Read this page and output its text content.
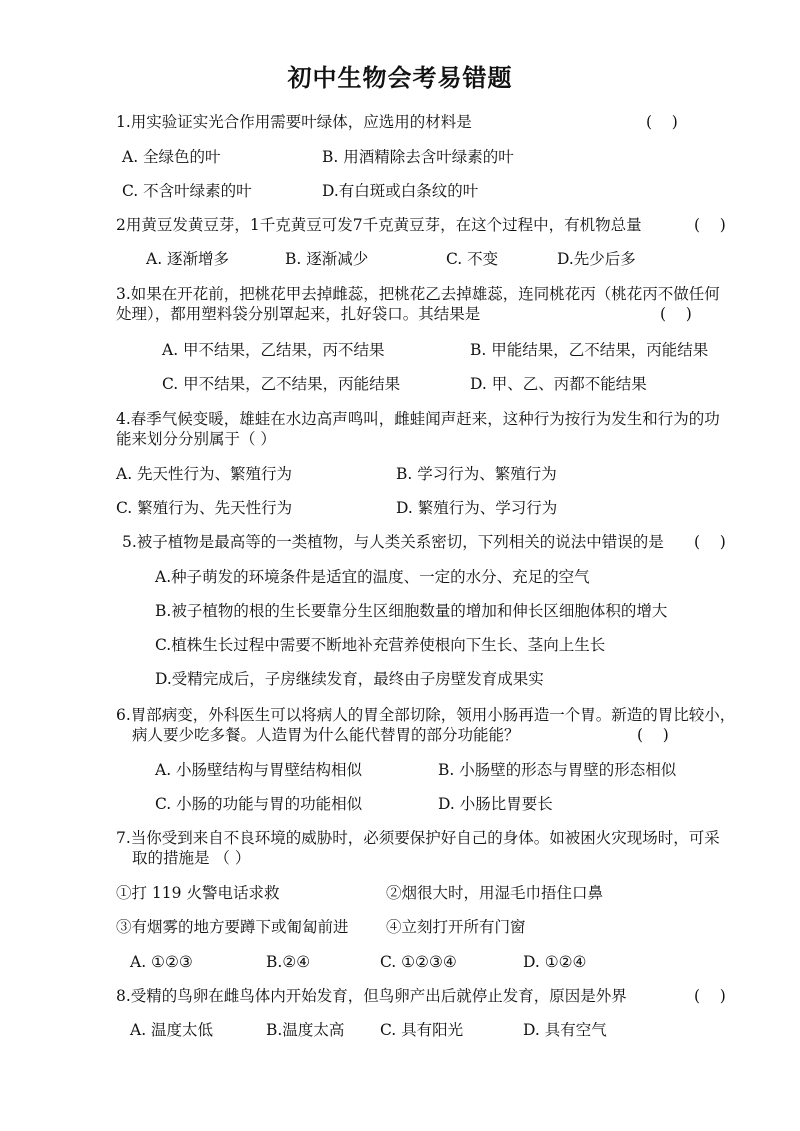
初中生物会考易错题
1.用实验证实光合作用需要叶绿体，应选用的材料是	(    )
A. 全绿色的叶	B. 用酒精除去含叶绿素的叶
C. 不含叶绿素的叶	D.有白斑或白条纹的叶
2用黄豆发黄豆芽，1千克黄豆可发7千克黄豆芽，在这个过程中，有机物总量	(    )
A. 逐渐增多	B. 逐渐减少	C. 不变	D.先少后多
3.如果在开花前，把桃花甲去掉雌蕊，把桃花乙去掉雄蕊，连同桃花丙（桃花丙不做任何
处理），都用塑料袋分别罩起来，扎好袋口。其结果是	(    )
A. 甲不结果，乙结果，丙不结果	B. 甲能结果，乙不结果，丙能结果
C. 甲不结果，乙不结果，丙能结果	D. 甲、乙、丙都不能结果
4.春季气候变暖，雄蛙在水边高声鸣叫，雌蛙闻声赶来，这种行为按行为发生和行为的功
能来划分分别属于（ ）
A. 先天性行为、繁殖行为	B. 学习行为、繁殖行为
C. 繁殖行为、先天性行为	D. 繁殖行为、学习行为
5.被子植物是最高等的一类植物，与人类关系密切，下列相关的说法中错误的是 (    )
A.种子萌发的环境条件是适宜的温度、一定的水分、充足的空气
B.被子植物的根的生长要靠分生区细胞数量的增加和伸长区细胞体积的增大
C.植株生长过程中需要不断地补充营养使根向下生长、茎向上生长
D.受精完成后，子房继续发育，最终由子房壁发育成果实
6.胃部病变，外科医生可以将病人的胃全部切除，领用小肠再造一个胃。新造的胃比较小，
病人要少吃多餐。人造胃为什么能代替胃的部分功能能？	(    )
A. 小肠壁结构与胃壁结构相似	B. 小肠壁的形态与胃壁的形态相似
C. 小肠的功能与胃的功能相似	D. 小肠比胃要长
7.当你受到来自不良环境的威胁时，必须要保护好自己的身体。如被困火灾现场时，可采
取的措施是 （ ）
①打 119 火警电话求救	②烟很大时，用湿毛巾捂住口鼻
③有烟雾的地方要蹲下或匍匐前进 ④立刻打开所有门窗
A. ①②③	B.②④	C. ①②③④	D. ①②④
8.受精的鸟卵在雌鸟体内开始发育，但鸟卵产出后就停止发育，原因是外界	(    )
A. 温度太低	B.温度太高 C. 具有阳光	D. 具有空气
